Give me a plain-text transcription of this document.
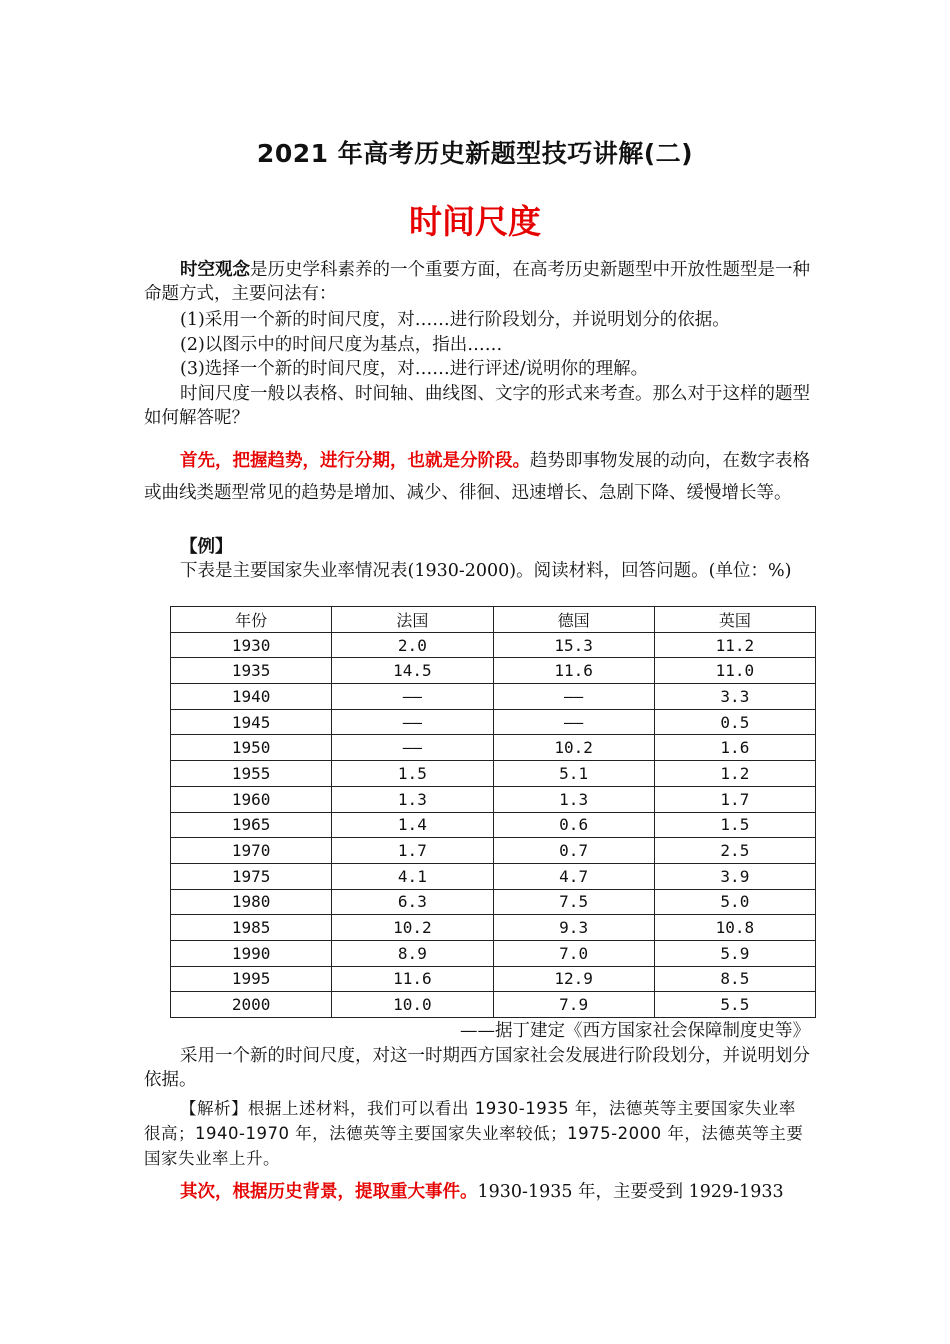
2021 年高考历史新题型技巧讲解(二)
时间尺度
时空观念是历史学科素养的一个重要方面，在高考历史新题型中开放性题型是一种命题方式，主要问法有：
(1)采用一个新的时间尺度，对……进行阶段划分，并说明划分的依据。
(2)以图示中的时间尺度为基点，指出……
(3)选择一个新的时间尺度，对……进行评述/说明你的理解。
时间尺度一般以表格、时间轴、曲线图、文字的形式来考查。那么对于这样的题型如何解答呢？
首先，把握趋势，进行分期，也就是分阶段。趋势即事物发展的动向，在数字表格或曲线类题型常见的趋势是增加、减少、徘徊、迅速增长、急剧下降、缓慢增长等。
【例】
下表是主要国家失业率情况表(1930-2000)。阅读材料，回答问题。(单位：%)
年份	法国	德国	英国
1930	2.0	15.3	11.2
1935	14.5	11.6	11.0
1940	——	——	3.3
1945	——	——	0.5
1950	——	10.2	1.6
1955	1.5	5.1	1.2
1960	1.3	1.3	1.7
1965	1.4	0.6	1.5
1970	1.7	0.7	2.5
1975	4.1	4.7	3.9
1980	6.3	7.5	5.0
1985	10.2	9.3	10.8
1990	8.9	7.0	5.9
1995	11.6	12.9	8.5
2000	10.0	7.9	5.5
——据丁建定《西方国家社会保障制度史等》
采用一个新的时间尺度，对这一时期西方国家社会发展进行阶段划分，并说明划分依据。
【解析】根据上述材料，我们可以看出 1930-1935 年，法德英等主要国家失业率很高；1940-1970 年，法德英等主要国家失业率较低；1975-2000 年，法德英等主要国家失业率上升。
其次，根据历史背景，提取重大事件。1930-1935 年，主要受到 1929-1933
